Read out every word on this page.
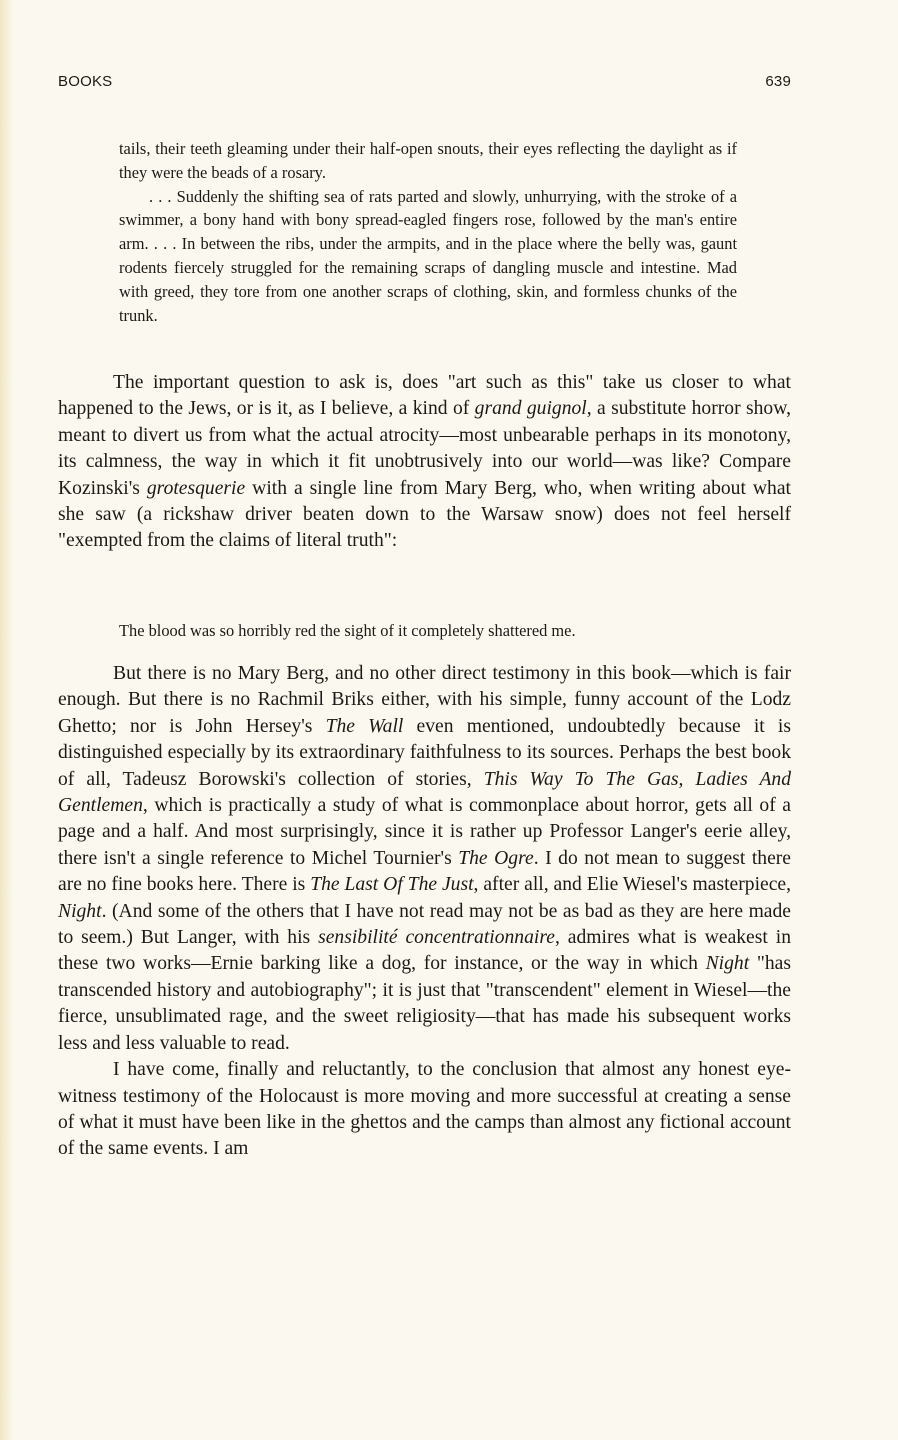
BOOKS	639

tails, their teeth gleaming under their half-open snouts, their eyes reflecting the daylight as if they were the beads of a rosary.

. . . Suddenly the shifting sea of rats parted and slowly, unhurrying, with the stroke of a swimmer, a bony hand with bony spread-eagled fingers rose, followed by the man's entire arm. . . . In between the ribs, under the armpits, and in the place where the belly was, gaunt rodents fiercely struggled for the remaining scraps of dangling muscle and intestine. Mad with greed, they tore from one another scraps of clothing, skin, and formless chunks of the trunk.

The important question to ask is, does "art such as this" take us closer to what happened to the Jews, or is it, as I believe, a kind of grand guignol, a substitute horror show, meant to divert us from what the actual atrocity—most unbearable perhaps in its monotony, its calmness, the way in which it fit unobtrusively into our world—was like? Compare Kozinski's grotesquerie with a single line from Mary Berg, who, when writing about what she saw (a rickshaw driver beaten down to the Warsaw snow) does not feel herself "exempted from the claims of literal truth":

The blood was so horribly red the sight of it completely shattered me.

But there is no Mary Berg, and no other direct testimony in this book—which is fair enough. But there is no Rachmil Briks either, with his simple, funny account of the Lodz Ghetto; nor is John Hersey's The Wall even mentioned, undoubtedly because it is distinguished especially by its extraordinary faithfulness to its sources. Perhaps the best book of all, Tadeusz Borowski's collection of stories, This Way To The Gas, Ladies And Gentlemen, which is practically a study of what is commonplace about horror, gets all of a page and a half. And most surprisingly, since it is rather up Professor Langer's eerie alley, there isn't a single reference to Michel Tournier's The Ogre. I do not mean to suggest there are no fine books here. There is The Last Of The Just, after all, and Elie Wiesel's masterpiece, Night. (And some of the others that I have not read may not be as bad as they are here made to seem.) But Langer, with his sensibilité concentrationnaire, admires what is weakest in these two works—Ernie barking like a dog, for instance, or the way in which Night "has transcended history and autobiography"; it is just that "transcendent" element in Wiesel—the fierce, unsublimated rage, and the sweet religiosity—that has made his subsequent works less and less valuable to read.

I have come, finally and reluctantly, to the conclusion that almost any honest eye-witness testimony of the Holocaust is more moving and more successful at creating a sense of what it must have been like in the ghettos and the camps than almost any fictional account of the same events. I am
